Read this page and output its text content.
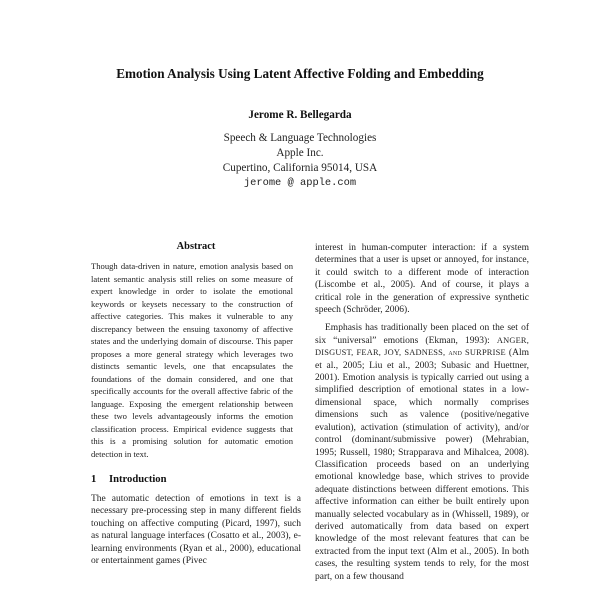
Emotion Analysis Using Latent Affective Folding and Embedding
Jerome R. Bellegarda
Speech & Language Technologies
Apple Inc.
Cupertino, California 95014, USA
jerome @ apple.com
Abstract
Though data-driven in nature, emotion analysis based on latent semantic analysis still relies on some measure of expert knowledge in order to isolate the emotional keywords or keysets necessary to the construction of affective categories. This makes it vulnerable to any discrepancy between the ensuing taxonomy of affective states and the underlying domain of discourse. This paper proposes a more general strategy which leverages two distincts semantic levels, one that encapsulates the foundations of the domain considered, and one that specifically accounts for the overall affective fabric of the language. Exposing the emergent relationship between these two levels advantageously informs the emotion classification process. Empirical evidence suggests that this is a promising solution for automatic emotion detection in text.
1 Introduction
The automatic detection of emotions in text is a necessary pre-processing step in many different fields touching on affective computing (Picard, 1997), such as natural language interfaces (Cosatto et al., 2003), e-learning environments (Ryan et al., 2000), educational or entertainment games (Pivec

interest in human-computer interaction: if a system determines that a user is upset or annoyed, for instance, it could switch to a different mode of interaction (Liscombe et al., 2005). And of course, it plays a critical role in the generation of expressive synthetic speech (Schröder, 2006).

Emphasis has traditionally been placed on the set of six “universal” emotions (Ekman, 1993): ANGER, DISGUST, FEAR, JOY, SADNESS, and SURPRISE (Alm et al., 2005; Liu et al., 2003; Subasic and Huettner, 2001). Emotion analysis is typically carried out using a simplified description of emotional states in a low-dimensional space, which normally comprises dimensions such as valence (positive/negative evalution), activation (stimulation of activity), and/or control (dominant/submissive power) (Mehrabian, 1995; Russell, 1980; Strapparava and Mihalcea, 2008). Classification proceeds based on an underlying emotional knowledge base, which strives to provide adequate distinctions between different emotions. This affective information can either be built entirely upon manually selected vocabulary as in (Whissell, 1989), or derived automatically from data based on expert knowledge of the most relevant features that can be extracted from the input text (Alm et al., 2005). In both cases, the resulting system tends to rely, for the most part, on a few thousand
